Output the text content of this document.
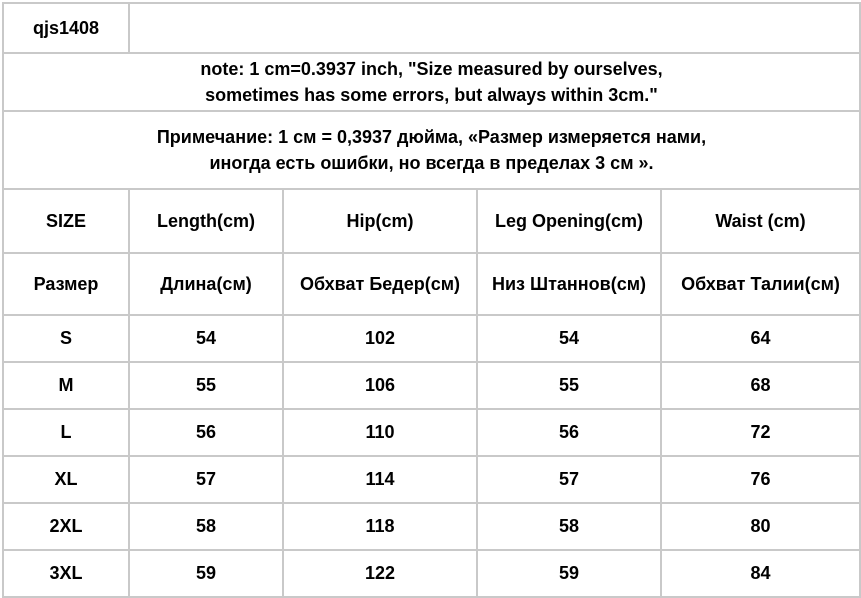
qjs1408				

note: 1 cm=0.3937 inch, "Size measured by ourselves,
sometimes has some errors, but always within 3cm."				

Примечание: 1 см = 0,3937 дюйма, «Размер измеряется нами,
иногда есть ошибки, но всегда в пределах 3 см ».				

SIZE	Length(cm)	Hip(cm)	Leg Opening(cm)	Waist (cm)
Размер	Длина(см)	Обхват Бедер(см)	Низ Штаннов(см)	Обхват Талии(см)
S	54	102	54	64
M	55	106	55	68
L	56	110	56	72
XL	57	114	57	76
2XL	58	118	58	80
3XL	59	122	59	84
